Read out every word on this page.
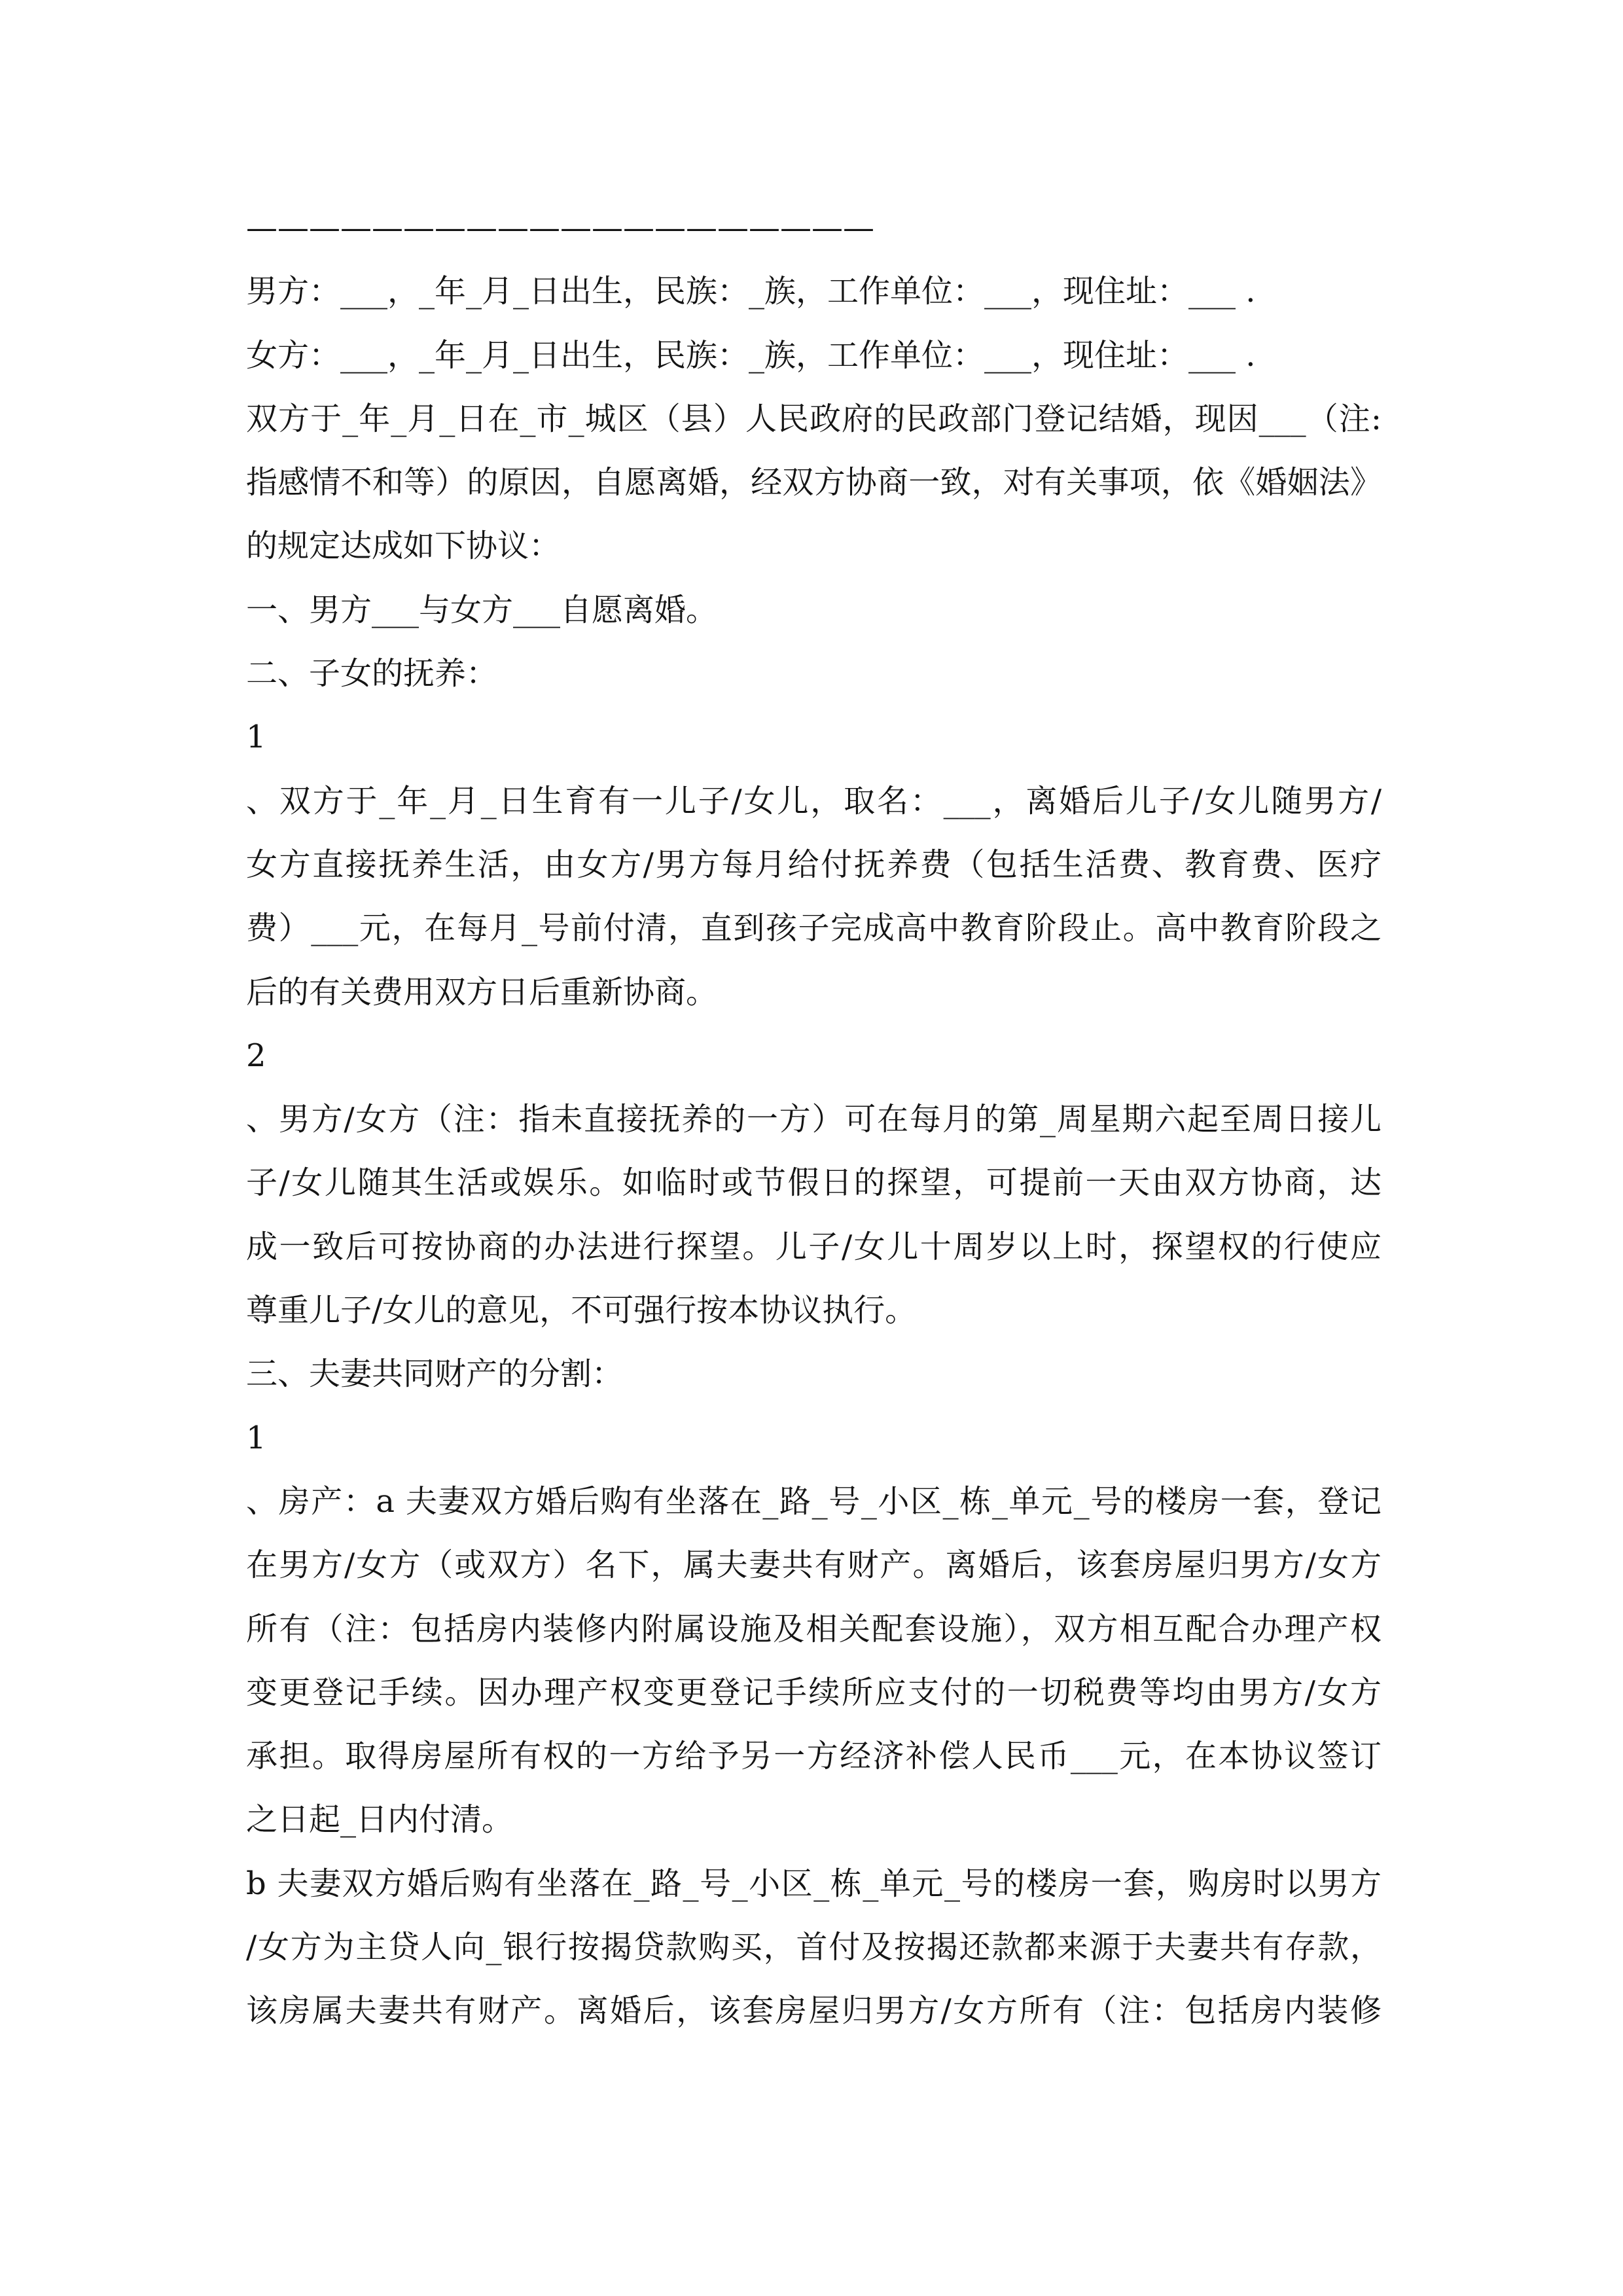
————————————————————
男方：___，_年_月_日出生，民族：_族，工作单位：___，现住址：___ .
女方：___，_年_月_日出生，民族：_族，工作单位：___，现住址：___ .
双方于_年_月_日在_市_城区（县）人民政府的民政部门登记结婚，现因___（注:
指感情不和等）的原因，自愿离婚，经双方协商一致，对有关事项，依《婚姻法》
的规定达成如下协议：
一、男方___与女方___自愿离婚。
二、子女的抚养：
1
、双方于_年_月_日生育有一儿子/女儿，取名：___，离婚后儿子/女儿随男方/
女方直接抚养生活，由女方/男方每月给付抚养费（包括生活费、教育费、医疗
费）___元，在每月_号前付清，直到孩子完成高中教育阶段止。高中教育阶段之
后的有关费用双方日后重新协商。
2
、男方/女方（注：指未直接抚养的一方）可在每月的第_周星期六起至周日接儿
子/女儿随其生活或娱乐。如临时或节假日的探望，可提前一天由双方协商，达
成一致后可按协商的办法进行探望。儿子/女儿十周岁以上时，探望权的行使应
尊重儿子/女儿的意见，不可强行按本协议执行。
三、夫妻共同财产的分割：
1
、房产：a 夫妻双方婚后购有坐落在_路_号_小区_栋_单元_号的楼房一套，登记
在男方/女方（或双方）名下，属夫妻共有财产。离婚后，该套房屋归男方/女方
所有（注：包括房内装修内附属设施及相关配套设施），双方相互配合办理产权
变更登记手续。因办理产权变更登记手续所应支付的一切税费等均由男方/女方
承担。取得房屋所有权的一方给予另一方经济补偿人民币___元，在本协议签订
之日起_日内付清。
b 夫妻双方婚后购有坐落在_路_号_小区_栋_单元_号的楼房一套，购房时以男方
/女方为主贷人向_银行按揭贷款购买，首付及按揭还款都来源于夫妻共有存款，
该房属夫妻共有财产。离婚后，该套房屋归男方/女方所有（注：包括房内装修
